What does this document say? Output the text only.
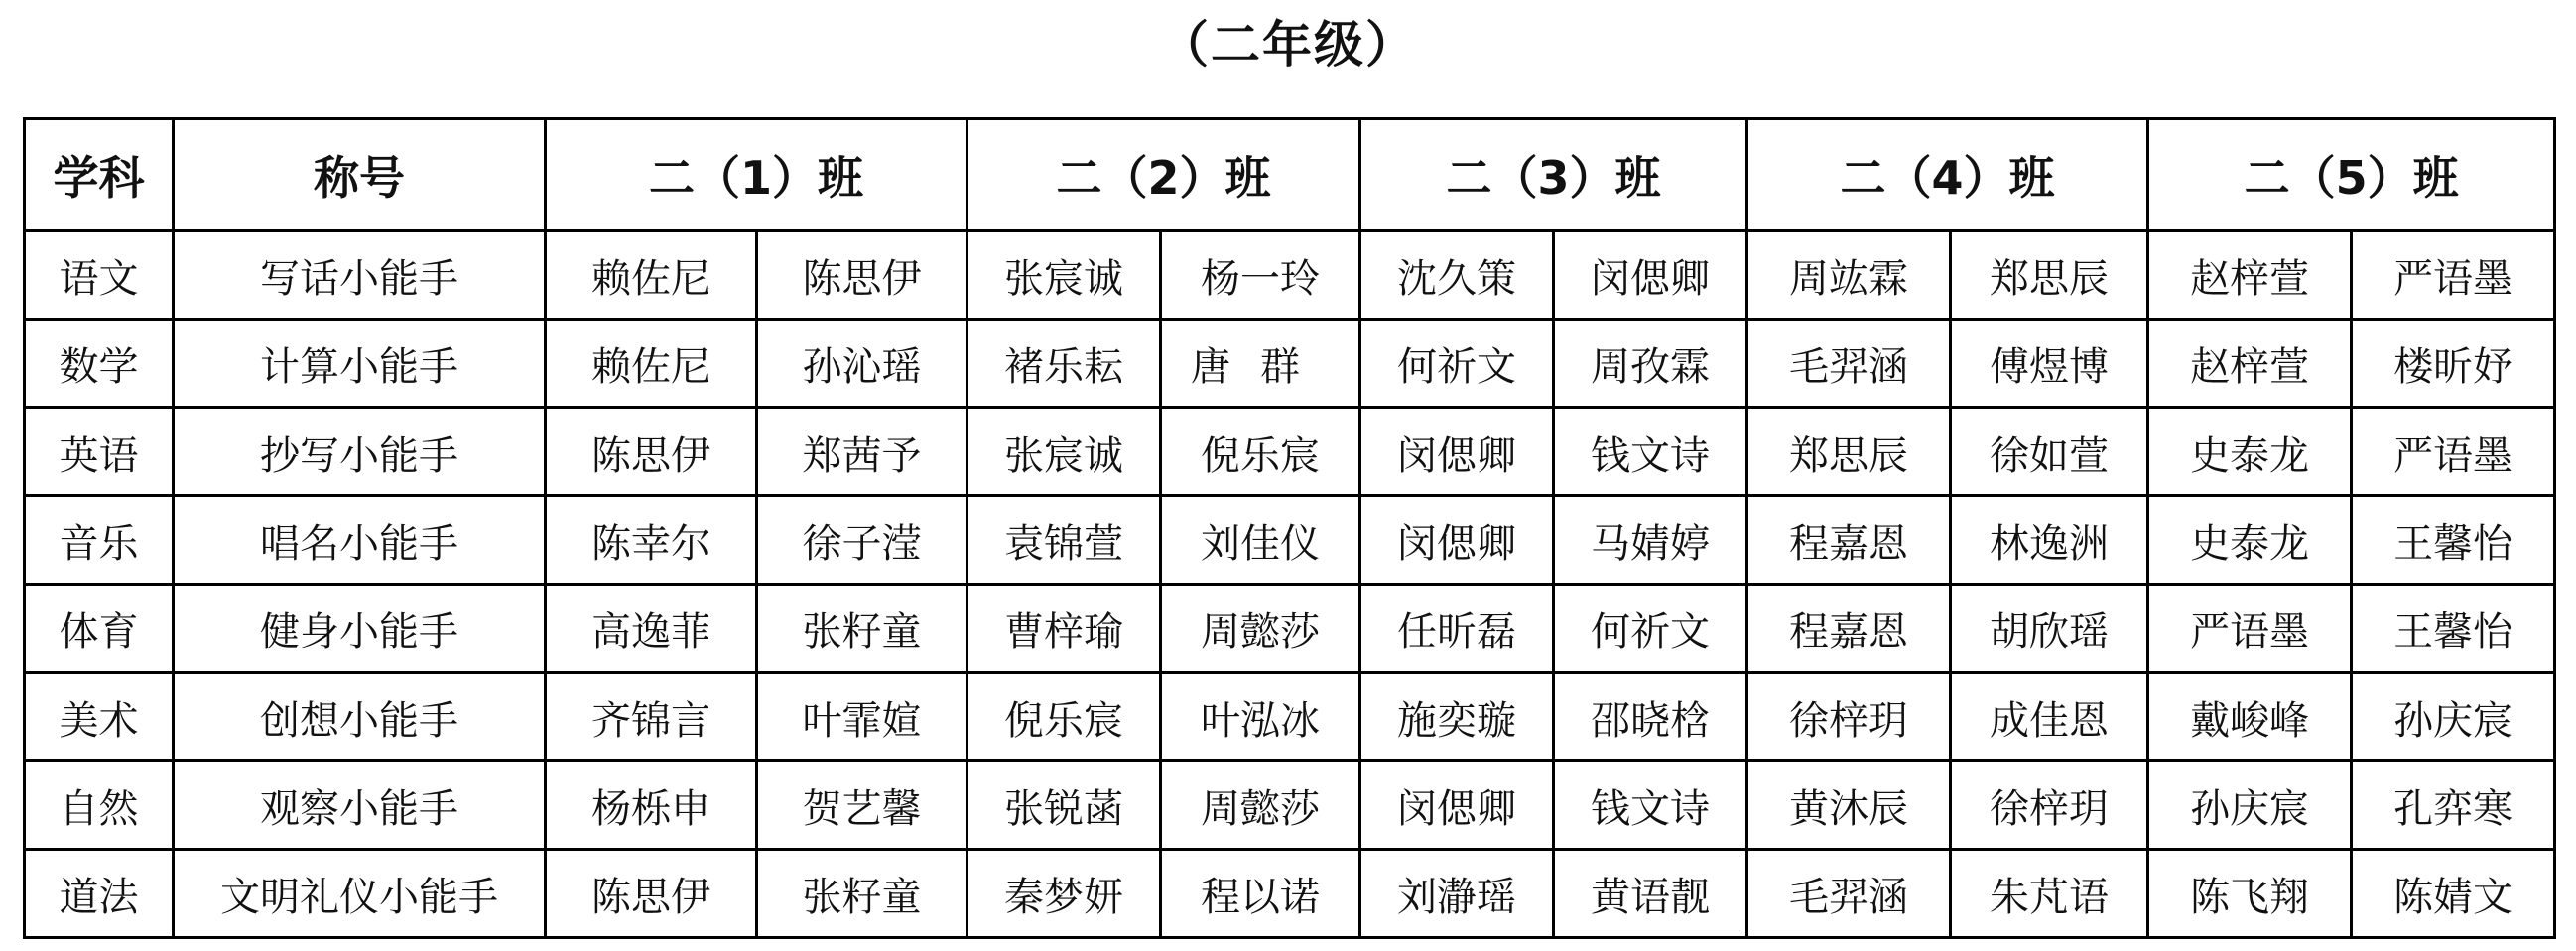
（二年级）
学科	称号	二（1）班		二（2）班		二（3）班		二（4）班		二（5）班	
语文	写话小能手	赖佐尼	陈思伊	张宸诚	杨一玲	沈久策	闵偲卿	周竑霖	郑思辰	赵梓萱	严语墨
数学	计算小能手	赖佐尼	孙沁瑶	褚乐耘	唐群	何祈文	周孜霖	毛羿涵	傅煜博	赵梓萱	楼昕妤
英语	抄写小能手	陈思伊	郑茜予	张宸诚	倪乐宸	闵偲卿	钱文诗	郑思辰	徐如萱	史泰龙	严语墨
音乐	唱名小能手	陈幸尔	徐子滢	袁锦萱	刘佳仪	闵偲卿	马婧婷	程嘉恩	林逸洲	史泰龙	王馨怡
体育	健身小能手	高逸菲	张籽童	曹梓瑜	周懿莎	任昕磊	何祈文	程嘉恩	胡欣瑶	严语墨	王馨怡
美术	创想小能手	齐锦言	叶霏媗	倪乐宸	叶泓冰	施奕璇	邵晓梒	徐梓玥	成佳恩	戴峻峰	孙庆宸
自然	观察小能手	杨栎申	贺艺馨	张锐菡	周懿莎	闵偲卿	钱文诗	黄沐辰	徐梓玥	孙庆宸	孔弈寒
道法	文明礼仪小能手	陈思伊	张籽童	秦梦妍	程以诺	刘瀞瑶	黄语靓	毛羿涵	朱芃语	陈飞翔	陈婧文
